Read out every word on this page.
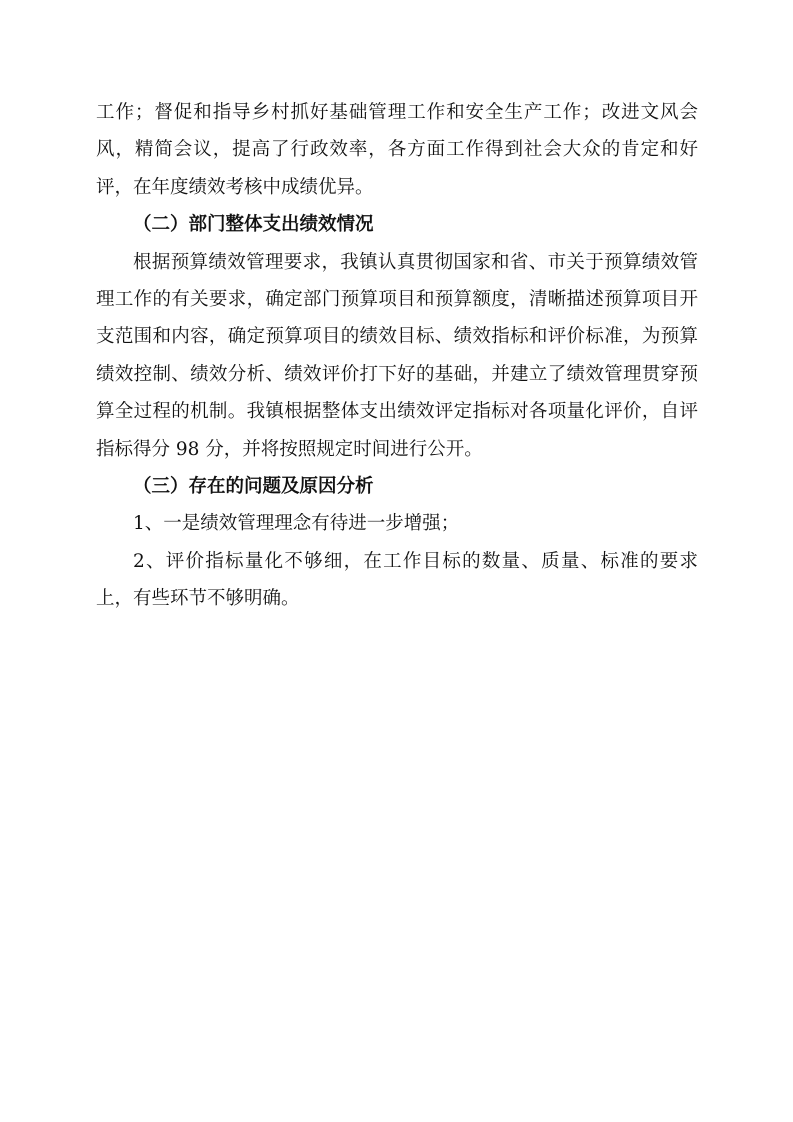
工作；督促和指导乡村抓好基础管理工作和安全生产工作；改进文风会风，精简会议，提高了行政效率，各方面工作得到社会大众的肯定和好评，在年度绩效考核中成绩优异。

（二）部门整体支出绩效情况

根据预算绩效管理要求，我镇认真贯彻国家和省、市关于预算绩效管理工作的有关要求，确定部门预算项目和预算额度，清晰描述预算项目开支范围和内容，确定预算项目的绩效目标、绩效指标和评价标准，为预算绩效控制、绩效分析、绩效评价打下好的基础，并建立了绩效管理贯穿预算全过程的机制。我镇根据整体支出绩效评定指标对各项量化评价，自评指标得分 98 分，并将按照规定时间进行公开。

（三）存在的问题及原因分析

1、一是绩效管理理念有待进一步增强；

2、评价指标量化不够细，在工作目标的数量、质量、标准的要求上，有些环节不够明确。
